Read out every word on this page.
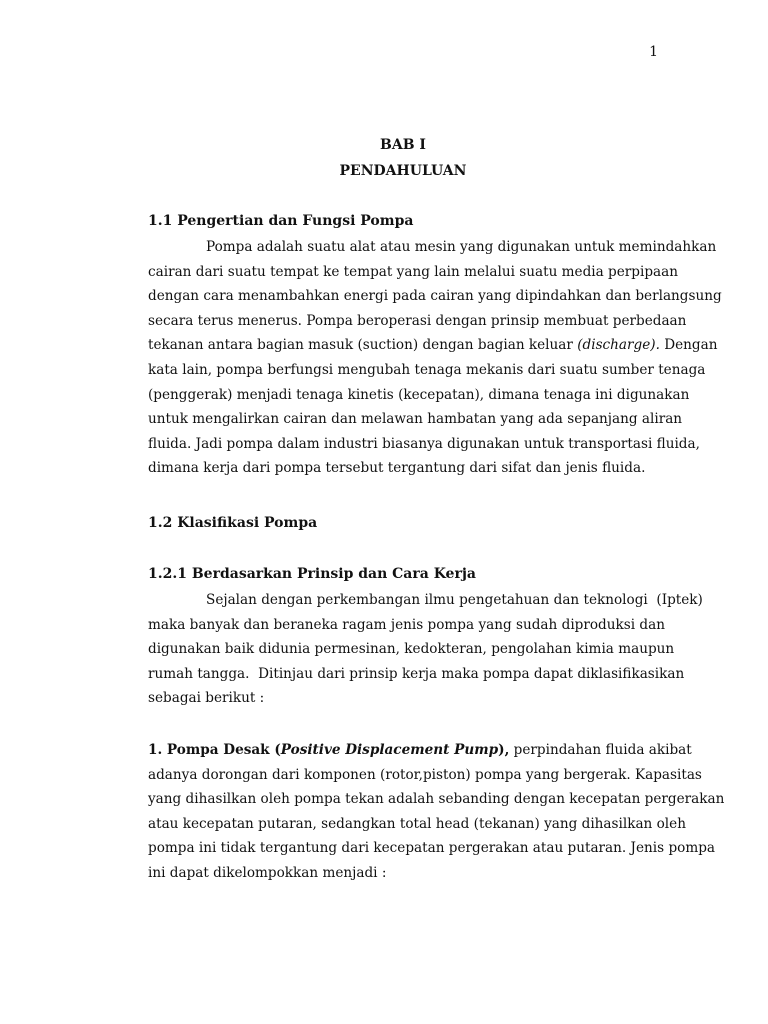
1
BAB I
PENDAHULUAN
1.1 Pengertian dan Fungsi Pompa
Pompa adalah suatu alat atau mesin yang digunakan untuk memindahkan
cairan dari suatu tempat ke tempat yang lain melalui suatu media perpipaan
dengan cara menambahkan energi pada cairan yang dipindahkan dan berlangsung
secara terus menerus. Pompa beroperasi dengan prinsip membuat perbedaan
tekanan antara bagian masuk (suction) dengan bagian keluar (discharge). Dengan
kata lain, pompa berfungsi mengubah tenaga mekanis dari suatu sumber tenaga
(penggerak) menjadi tenaga kinetis (kecepatan), dimana tenaga ini digunakan
untuk mengalirkan cairan dan melawan hambatan yang ada sepanjang aliran
fluida. Jadi pompa dalam industri biasanya digunakan untuk transportasi fluida,
dimana kerja dari pompa tersebut tergantung dari sifat dan jenis fluida.
1.2 Klasifikasi Pompa
1.2.1 Berdasarkan Prinsip dan Cara Kerja
Sejalan dengan perkembangan ilmu pengetahuan dan teknologi  (Iptek)
maka banyak dan beraneka ragam jenis pompa yang sudah diproduksi dan
digunakan baik didunia permesinan, kedokteran, pengolahan kimia maupun
rumah tangga.  Ditinjau dari prinsip kerja maka pompa dapat diklasifikasikan
sebagai berikut :
1. Pompa Desak (Positive Displacement Pump), perpindahan fluida akibat
adanya dorongan dari komponen (rotor,piston) pompa yang bergerak. Kapasitas
yang dihasilkan oleh pompa tekan adalah sebanding dengan kecepatan pergerakan
atau kecepatan putaran, sedangkan total head (tekanan) yang dihasilkan oleh
pompa ini tidak tergantung dari kecepatan pergerakan atau putaran. Jenis pompa
ini dapat dikelompokkan menjadi :
